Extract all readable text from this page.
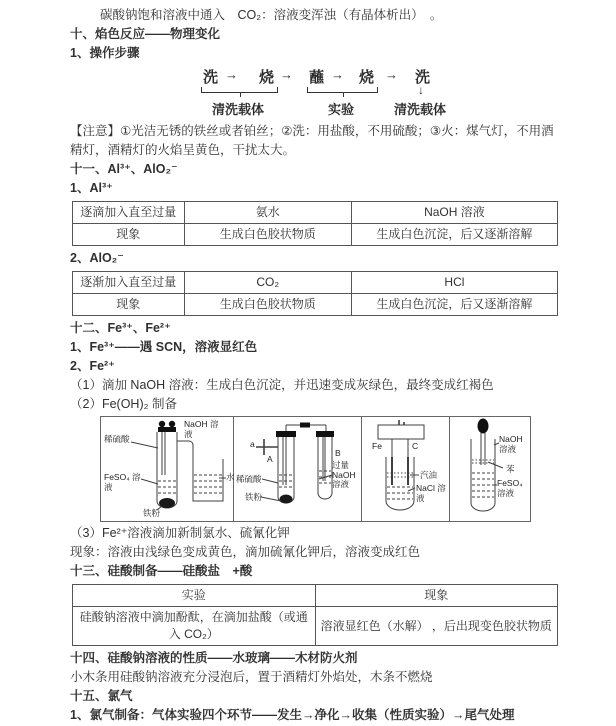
碳酸钠饱和溶液中通入　CO₂：溶液变浑浊（有晶体析出）　。

十、焰色反应——物理变化

1、操作步骤

洗 → 烧 → 蘸 → 烧 → 洗
↓
清洗载体	实验	清洗载体

【注意】①光洁无锈的铁丝或者铂丝；②洗：用盐酸，不用硫酸；③火：煤气灯，不用酒精灯，酒精灯的火焰呈黄色，干扰太大。

十一、Al³⁺、AlO₂⁻

1、Al³⁺

逐滴加入直至过量	氨水	NaOH 溶液
现象	生成白色胶状物质	生成白色沉淀，后又逐渐溶解

2、AlO₂⁻

逐渐加入直至过量	CO₂	HCl
现象	生成白色胶状物质	生成白色沉淀，后又逐渐溶解

十二、Fe³⁺、Fe²⁺

1、Fe³⁺——遇 SCN，溶液显红色

2、Fe²⁺

（1）滴加 NaOH 溶液：生成白色沉淀，并迅速变成灰绿色，最终变成红褐色

（2）Fe(OH)₂ 制备

稀硫酸
NaOH 溶液
FeSO₄ 溶液
铁粉
水
a
A
B
稀硫酸
铁粉
过量 NaOH 溶液
Fe	C
汽油
NaCl 溶液
NaOH 溶液
苯
FeSO₄ 溶液

（3）Fe²⁺溶液滴加新制氯水、硫氰化钾

现象：溶液由浅绿色变成黄色，滴加硫氰化钾后，溶液变成红色

十三、硅酸制备——硅酸盐　+酸

实验	现象
硅酸钠溶液中滴加酚酞，在滴加盐酸（或通入 CO₂）	溶液显红色（水解） ，后出现变色胶状物质

十四、硅酸钠溶液的性质——水玻璃——木材防火剂

小木条用硅酸钠溶液充分浸泡后，置于酒精灯外焰处，木条不燃烧

十五、氯气

1、氯气制备：气体实验四个环节——发生→净化→收集（性质实验）→尾气处理
